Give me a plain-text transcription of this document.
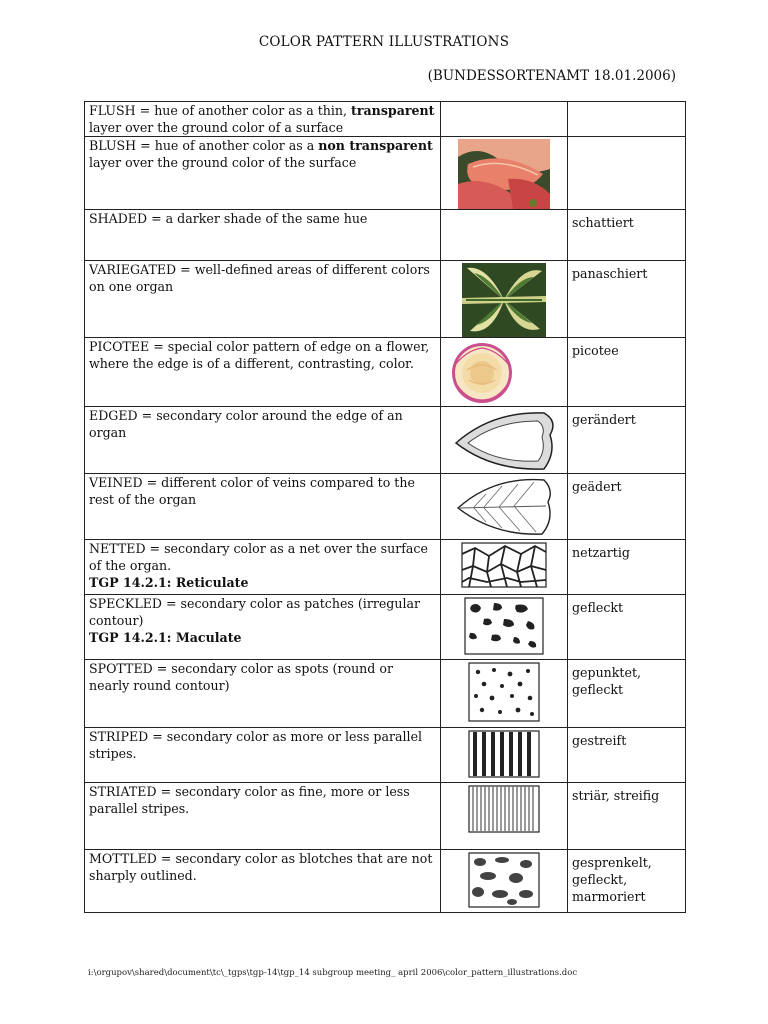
COLOR PATTERN ILLUSTRATIONS
(BUNDESSORTENAMT 18.01.2006)
FLUSH = hue of another color as a thin, transparent layer over the ground color of a surface		
BLUSH = hue of another color as a non transparent layer over the ground color of the surface	

SHADED = a darker shade of the same hue		schattiert
VARIEGATED = well-defined areas of different colors on one organ		panaschiert
PICOTEE = special color pattern of edge on a flower, where the edge is of a different, contrasting, color.		picotee
EDGED = secondary color around the edge of an organ		gerändert
VEINED = different color of veins compared to the rest of the organ		geädert
NETTED = secondary color as a net over the surface of the organ.
TGP 14.2.1: Reticulate		netzartig
SPECKLED = secondary color as patches (irregular contour)
TGP 14.2.1: Maculate		gefleckt
SPOTTED = secondary color as spots (round or nearly round contour)		gepunktet, gefleckt
STRIPED = secondary color as more or less parallel stripes.		gestreift
STRIATED = secondary color as fine, more or less parallel stripes.		striär, streifig
MOTTLED = secondary color as blotches that are not sharply outlined.		gesprenkelt, gefleckt, marmoriert
i:\orgupov\shared\document\tc\_tgps\tgp-14\tgp_14 subgroup meeting_ april 2006\color_pattern_illustrations.doc
